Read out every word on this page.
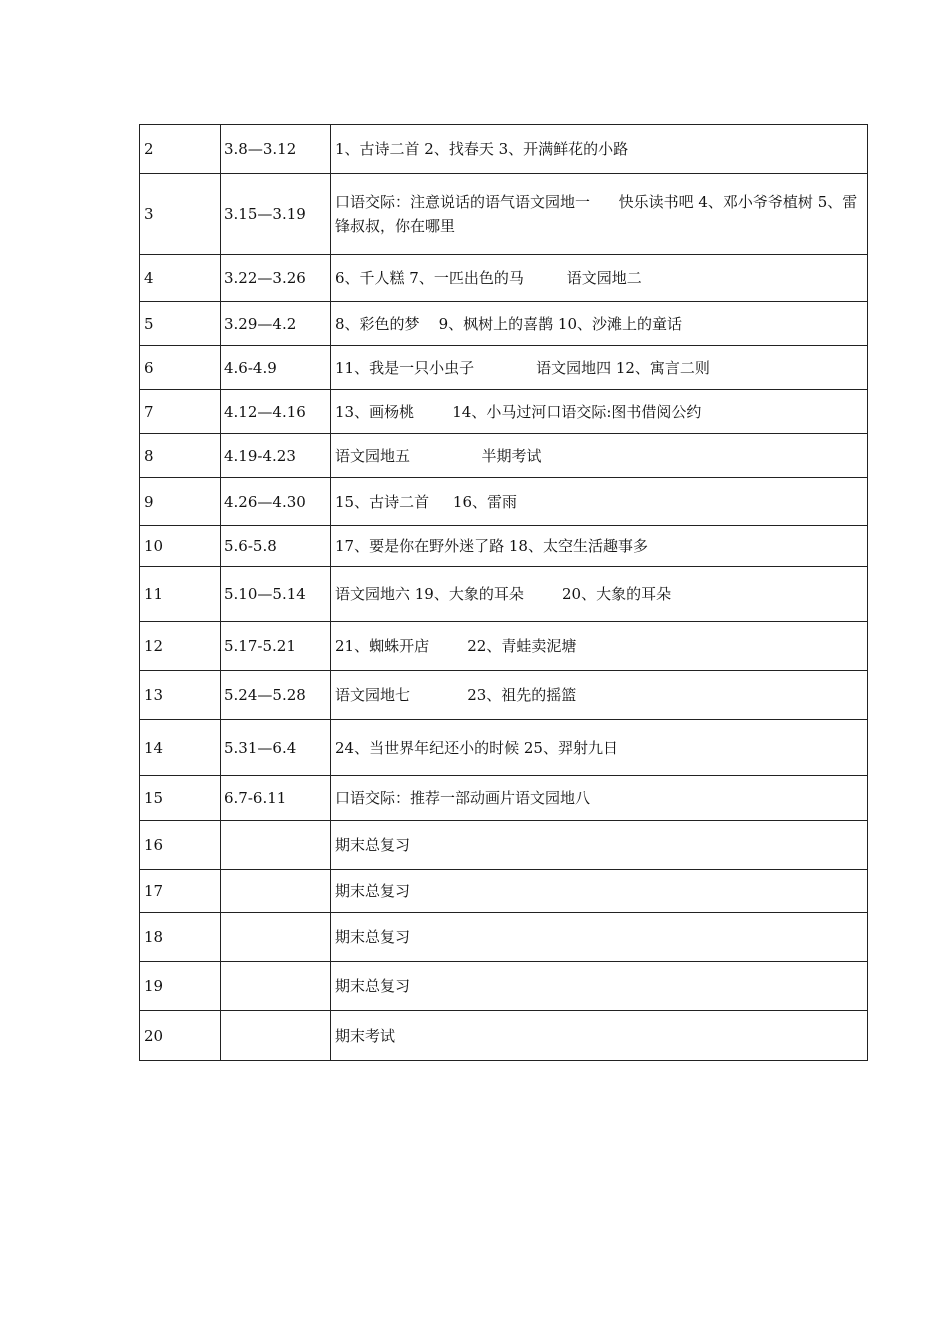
2	3.8—3.12	1、古诗二首 2、找春天 3、开满鲜花的小路
3	3.15—3.19	口语交际：注意说话的语气语文园地一      快乐读书吧 4、邓小爷爷植树 5、雷锋叔叔，你在哪里
4	3.22—3.26	6、千人糕 7、一匹出色的马         语文园地二
5	3.29—4.2	8、彩色的梦    9、枫树上的喜鹊 10、沙滩上的童话
6	4.6-4.9	11、我是一只小虫子             语文园地四 12、寓言二则
7	4.12—4.16	13、画杨桃        14、小马过河口语交际:图书借阅公约
8	4.19-4.23	语文园地五               半期考试
9	4.26—4.30	15、古诗二首     16、雷雨
10	5.6-5.8	17、要是你在野外迷了路 18、太空生活趣事多
11	5.10—5.14	语文园地六 19、大象的耳朵        20、大象的耳朵
12	5.17-5.21	21、蜘蛛开店        22、青蛙卖泥塘
13	5.24—5.28	语文园地七            23、祖先的摇篮
14	5.31—6.4	24、当世界年纪还小的时候 25、羿射九日
15	6.7-6.11	口语交际：推荐一部动画片语文园地八
16		期末总复习
17		期末总复习
18		期末总复习
19		期末总复习
20		期末考试
